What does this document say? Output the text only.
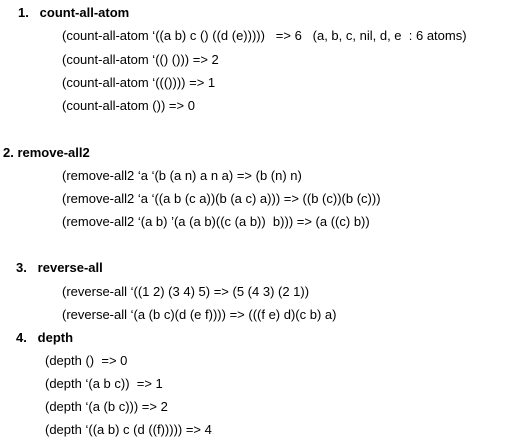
1.   count-all-atom
(count-all-atom ‘((a b) c () ((d (e)))))   => 6   (a, b, c, nil, d, e  : 6 atoms)
(count-all-atom ‘(() ())) => 2
(count-all-atom ‘((()))) => 1
(count-all-atom ()) => 0
2. remove-all2
(remove-all2 ‘a ‘(b (a n) a n a) => (b (n) n)
(remove-all2 ‘a ‘((a b (c a))(b (a c) a))) => ((b (c))(b (c)))
(remove-all2 ‘(a b) ’(a (a b)((c (a b))  b))) => (a ((c) b))
3.   reverse-all
(reverse-all ‘((1 2) (3 4) 5) => (5 (4 3) (2 1))
(reverse-all ‘(a (b c)(d (e f)))) => (((f e) d)(c b) a)
4.   depth
(depth ()  => 0
(depth ‘(a b c))  => 1
(depth ‘(a (b c))) => 2
(depth ‘((a b) c (d ((f))))) => 4
